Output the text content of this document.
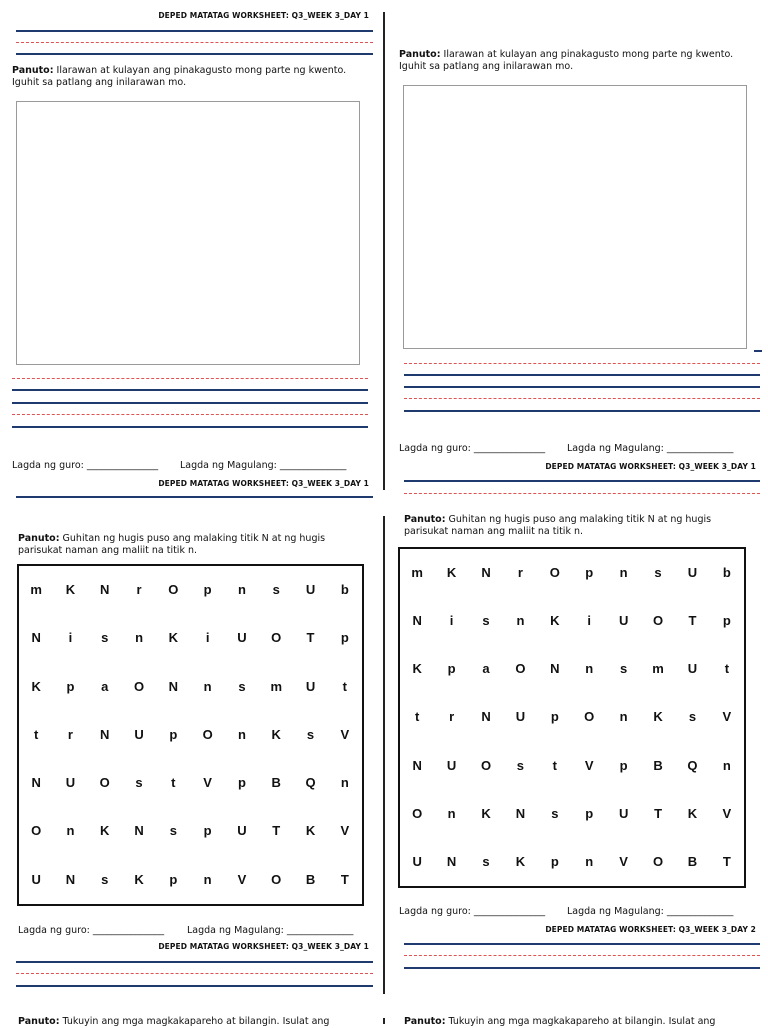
DEPED MATATAG WORKSHEET: Q3_WEEK 3_DAY 1
Panuto: Ilarawan at kulayan ang pinakagusto mong parte ng kwento. Iguhit sa patlang ang inilarawan mo.
Lagda ng guro: _______________ Lagda ng Magulang: ______________
DEPED MATATAG WORKSHEET: Q3_WEEK 3_DAY 1
Panuto: Ilarawan at kulayan ang pinakagusto mong parte ng kwento. Iguhit sa patlang ang inilarawan mo.
Lagda ng guro: _______________ Lagda ng Magulang: ______________
DEPED MATATAG WORKSHEET: Q3_WEEK 3_DAY 1
Panuto: Guhitan ng hugis puso ang malaking titik N at ng hugis parisukat naman ang maliit na titik n.
m	K	N	r	O	p	n	s	U	b
N	i	s	n	K	i	U	O	T	p
K	p	a	O	N	n	s	m	U	t
t	r	N	U	p	O	n	K	s	V
N	U	O	s	t	V	p	B	Q	n
O	n	K	N	s	p	U	T	K	V
U	N	s	K	p	n	V	O	B	T
Lagda ng guro: _______________ Lagda ng Magulang: ______________
DEPED MATATAG WORKSHEET: Q3_WEEK 3_DAY 1
Panuto: Tukuyin ang mga magkakapareho at bilangin. Isulat ang
Panuto: Guhitan ng hugis puso ang malaking titik N at ng hugis parisukat naman ang maliit na titik n.
m	K	N	r	O	p	n	s	U	b
N	i	s	n	K	i	U	O	T	p
K	p	a	O	N	n	s	m	U	t
t	r	N	U	p	O	n	K	s	V
N	U	O	s	t	V	p	B	Q	n
O	n	K	N	s	p	U	T	K	V
U	N	s	K	p	n	V	O	B	T
Lagda ng guro: _______________ Lagda ng Magulang: ______________
DEPED MATATAG WORKSHEET: Q3_WEEK 3_DAY 2
Panuto: Tukuyin ang mga magkakapareho at bilangin. Isulat ang
